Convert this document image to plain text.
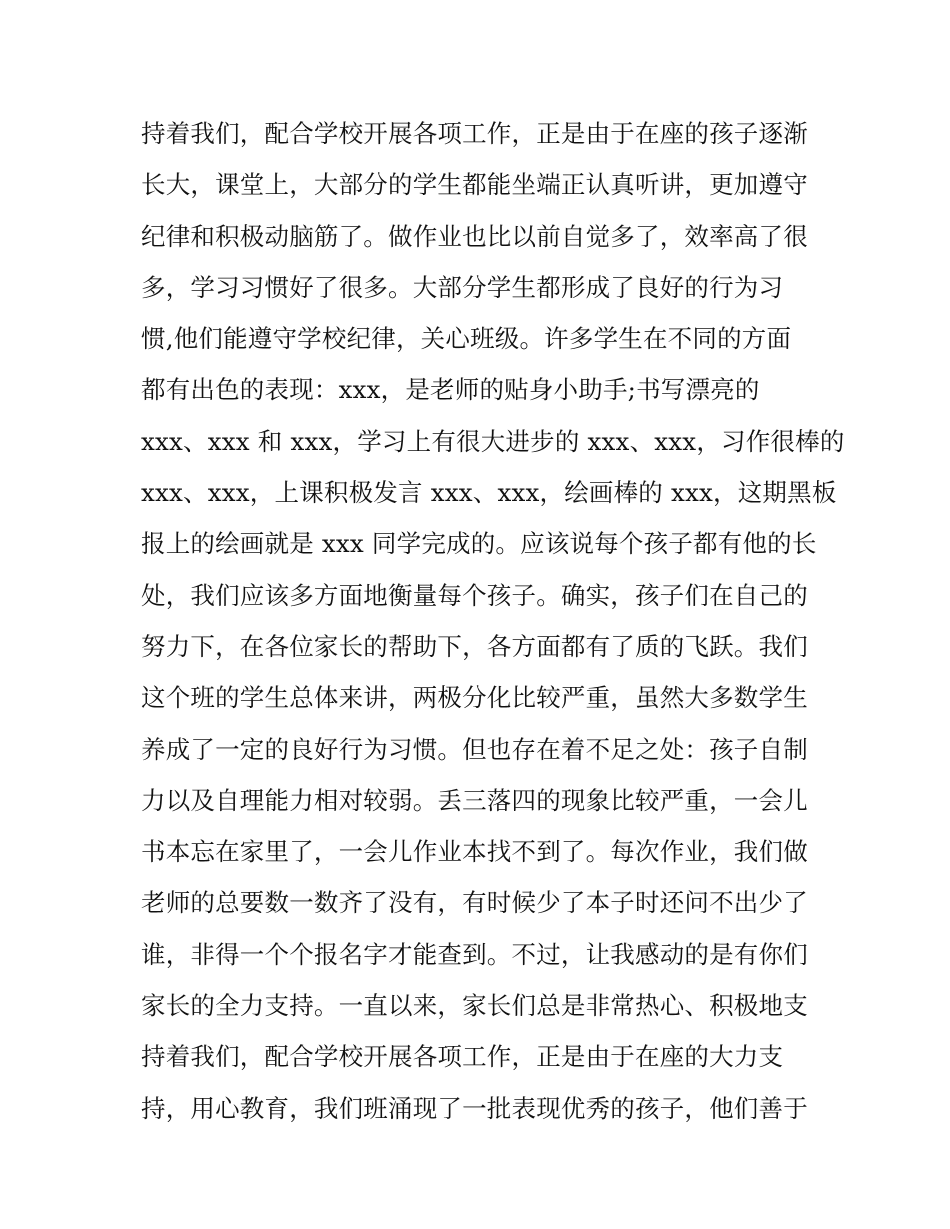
持着我们，配合学校开展各项工作，正是由于在座的孩子逐渐
长大，课堂上，大部分的学生都能坐端正认真听讲，更加遵守
纪律和积极动脑筋了。做作业也比以前自觉多了，效率高了很
多，学习习惯好了很多。大部分学生都形成了良好的行为习
惯,他们能遵守学校纪律，关心班级。许多学生在不同的方面
都有出色的表现：xxx，是老师的贴身小助手;书写漂亮的
xxx、xxx 和 xxx，学习上有很大进步的 xxx、xxx，习作很棒的
xxx、xxx，上课积极发言 xxx、xxx，绘画棒的 xxx，这期黑板
报上的绘画就是 xxx 同学完成的。应该说每个孩子都有他的长
处，我们应该多方面地衡量每个孩子。确实，孩子们在自己的
努力下，在各位家长的帮助下，各方面都有了质的飞跃。我们
这个班的学生总体来讲，两极分化比较严重，虽然大多数学生
养成了一定的良好行为习惯。但也存在着不足之处：孩子自制
力以及自理能力相对较弱。丢三落四的现象比较严重，一会儿
书本忘在家里了，一会儿作业本找不到了。每次作业，我们做
老师的总要数一数齐了没有，有时候少了本子时还问不出少了
谁，非得一个个报名字才能查到。不过，让我感动的是有你们
家长的全力支持。一直以来，家长们总是非常热心、积极地支
持着我们，配合学校开展各项工作，正是由于在座的大力支
持，用心教育，我们班涌现了一批表现优秀的孩子，他们善于
